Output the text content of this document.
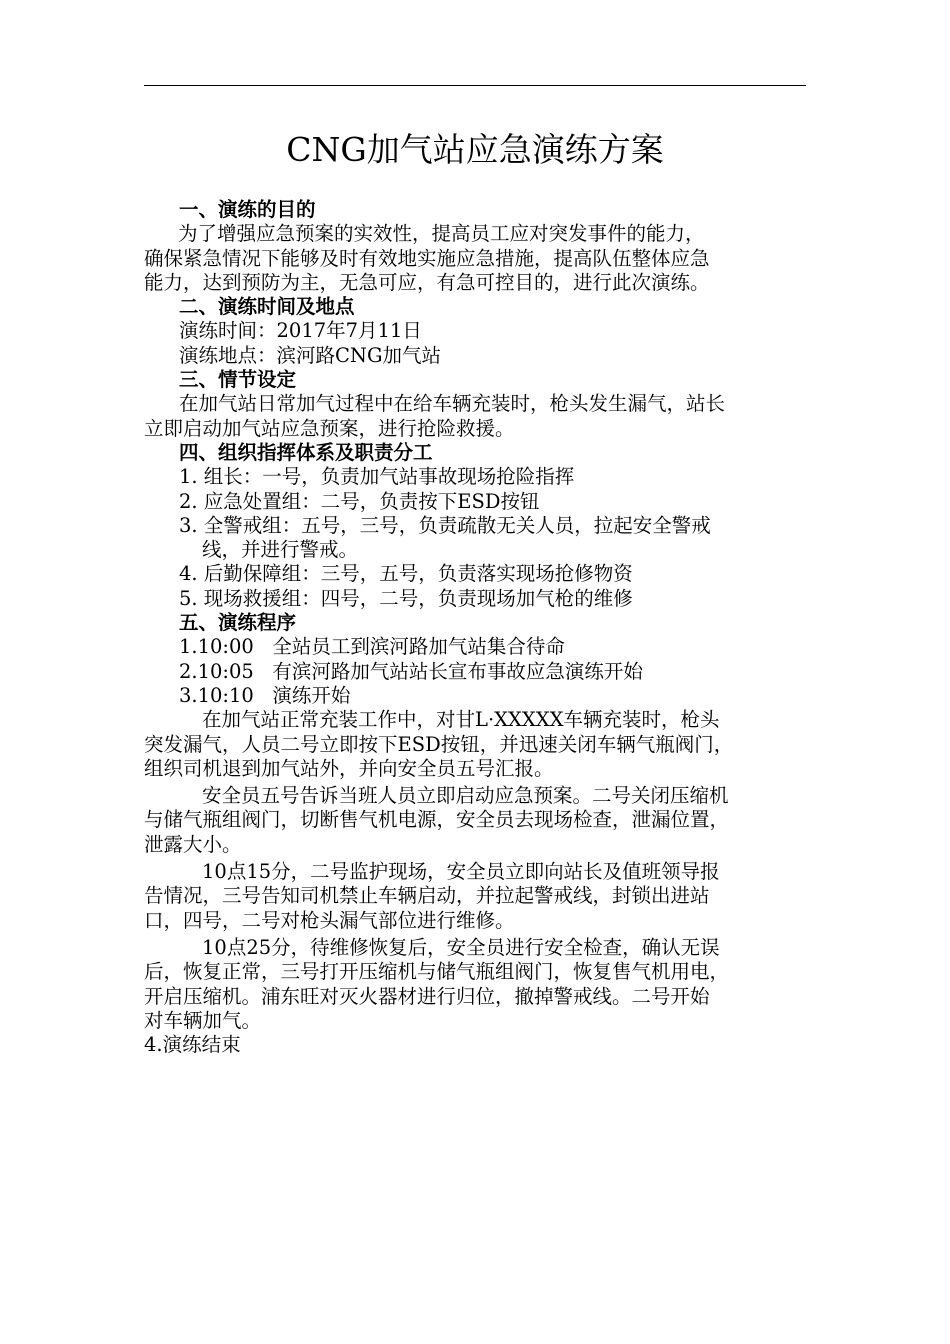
CNG加气站应急演练方案
一、演练的目的
为了增强应急预案的实效性，提高员工应对突发事件的能力，
确保紧急情况下能够及时有效地实施应急措施，提高队伍整体应急
能力，达到预防为主，无急可应，有急可控目的，进行此次演练。
二、演练时间及地点
演练时间：2017年7月11日
演练地点：滨河路CNG加气站
三、情节设定
在加气站日常加气过程中在给车辆充装时，枪头发生漏气，站长
立即启动加气站应急预案，进行抢险救援。
四、组织指挥体系及职责分工
1. 组长：一号，负责加气站事故现场抢险指挥
2. 应急处置组：二号，负责按下ESD按钮
3. 全警戒组：五号，三号，负责疏散无关人员，拉起安全警戒
线，并进行警戒。
4. 后勤保障组：三号，五号，负责落实现场抢修物资
5. 现场救援组：四号，二号，负责现场加气枪的维修
五、演练程序
1.10:00   全站员工到滨河路加气站集合待命
2.10:05   有滨河路加气站站长宣布事故应急演练开始
3.10:10   演练开始
在加气站正常充装工作中，对甘L·XXXXX车辆充装时，枪头
突发漏气，人员二号立即按下ESD按钮，并迅速关闭车辆气瓶阀门，
组织司机退到加气站外，并向安全员五号汇报。
安全员五号告诉当班人员立即启动应急预案。二号关闭压缩机
与储气瓶组阀门，切断售气机电源，安全员去现场检查，泄漏位置，
泄露大小。
10点15分，二号监护现场，安全员立即向站长及值班领导报
告情况，三号告知司机禁止车辆启动，并拉起警戒线，封锁出进站
口，四号，二号对枪头漏气部位进行维修。
10点25分，待维修恢复后，安全员进行安全检查，确认无误
后，恢复正常，三号打开压缩机与储气瓶组阀门，恢复售气机用电，
开启压缩机。浦东旺对灭火器材进行归位，撤掉警戒线。二号开始
对车辆加气。
4.演练结束
